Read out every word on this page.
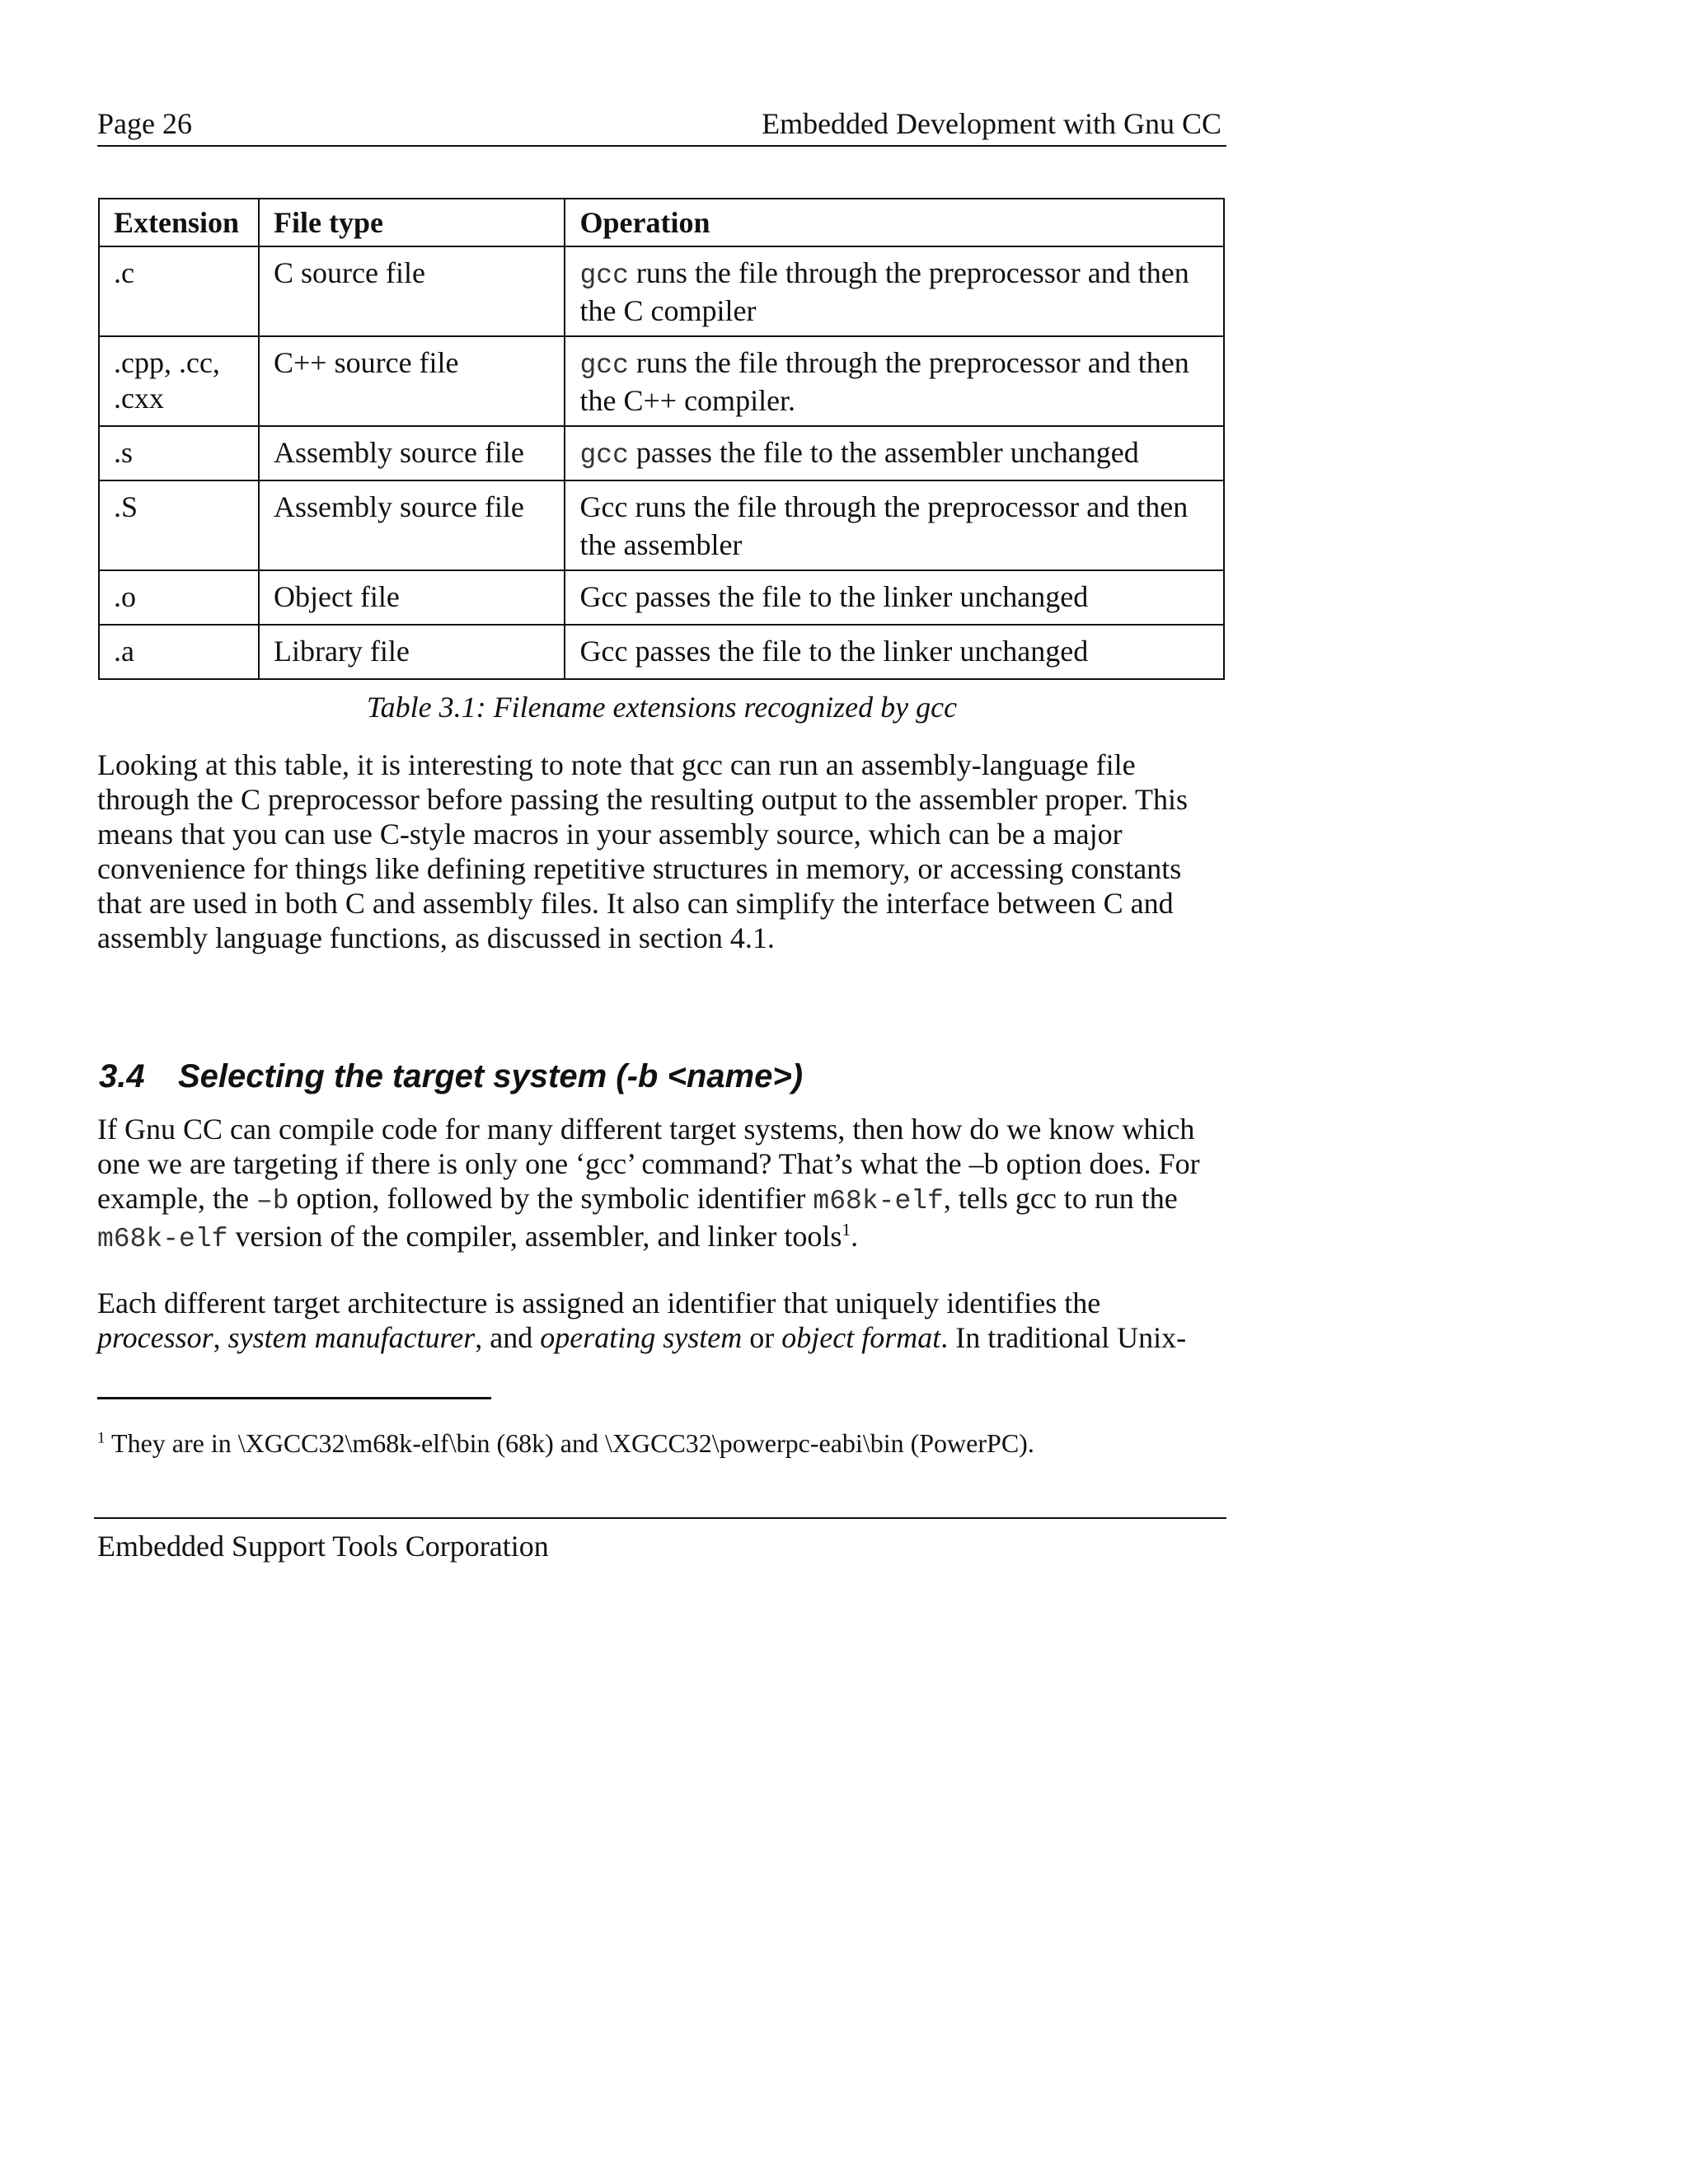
Page 26	Embedded Development with Gnu CC
Extension	File type	Operation
.c	C source file	gcc runs the file through the preprocessor and then the C compiler
.cpp, .cc, .cxx	C++ source file	gcc runs the file through the preprocessor and then the C++ compiler.
.s	Assembly source file	gcc passes the file to the assembler unchanged
.S	Assembly source file	Gcc runs the file through the preprocessor and then the assembler
.o	Object file	Gcc passes the file to the linker unchanged
.a	Library file	Gcc passes the file to the linker unchanged
Table 3.1: Filename extensions recognized by gcc

Looking at this table, it is interesting to note that gcc can run an assembly-language file through the C preprocessor before passing the resulting output to the assembler proper. This means that you can use C-style macros in your assembly source, which can be a major convenience for things like defining repetitive structures in memory, or accessing constants that are used in both C and assembly files. It also can simplify the interface between C and assembly language functions, as discussed in section 4.1.

3.4 Selecting the target system (-b <name>)

If Gnu CC can compile code for many different target systems, then how do we know which one we are targeting if there is only one ‘gcc’ command? That’s what the –b option does. For example, the –b option, followed by the symbolic identifier m68k-elf, tells gcc to run the m68k-elf version of the compiler, assembler, and linker tools$^1$.

Each different target architecture is assigned an identifier that uniquely identifies the processor, system manufacturer, and operating system or object format. In traditional Unix-

$^1$ They are in \XGCC32\m68k-elf\bin (68k) and \XGCC32\powerpc-eabi\bin (PowerPC).
Embedded Support Tools Corporation
